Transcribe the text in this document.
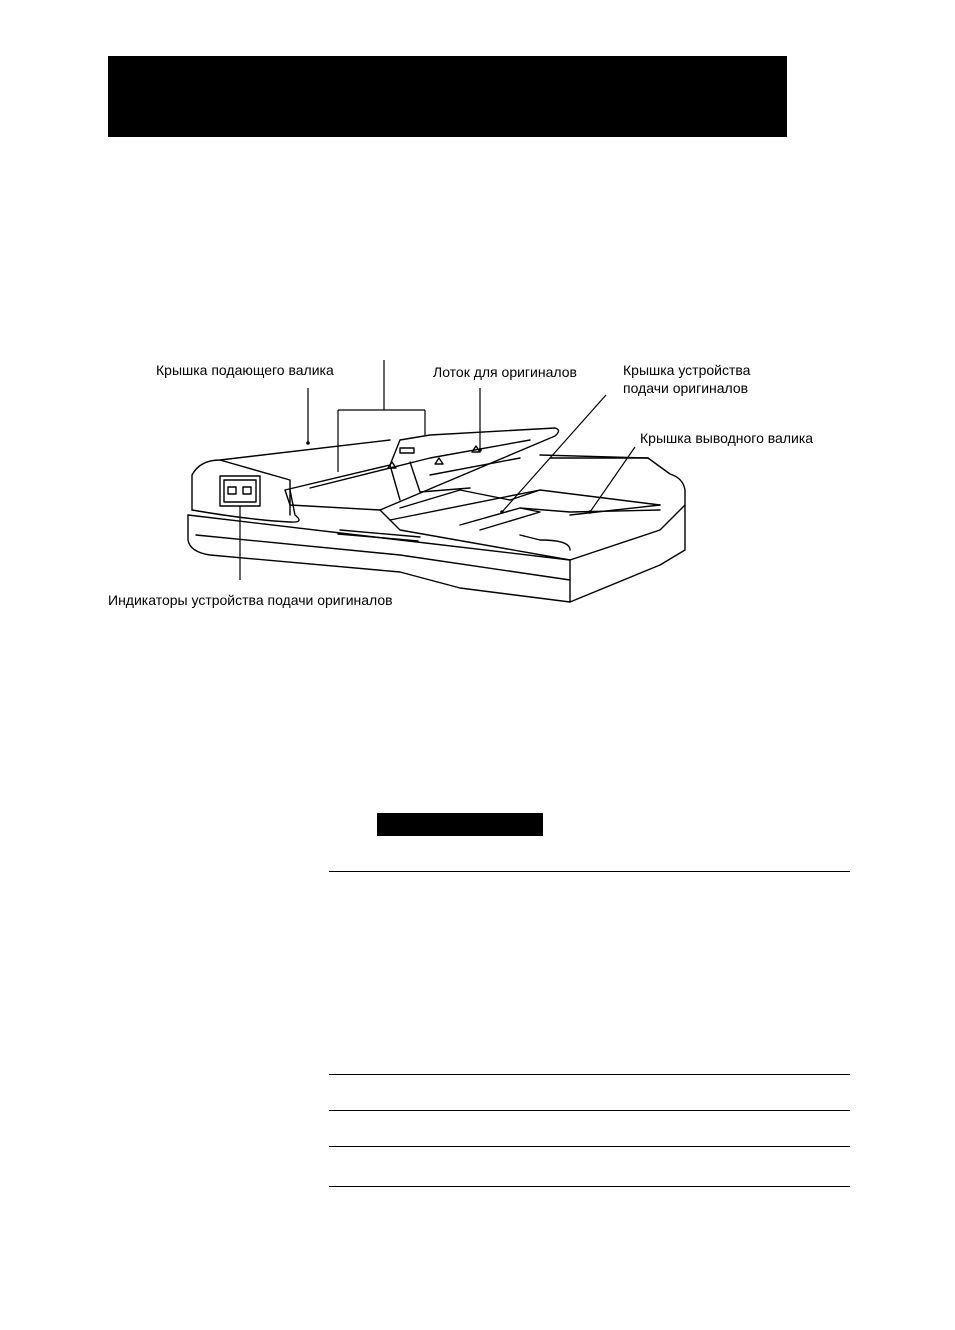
Крышка подающего валика	Лоток для оригиналов	Крышка устройства
подачи оригиналов
Крышка выводного валика
Индикаторы устройства подачи оригиналов
